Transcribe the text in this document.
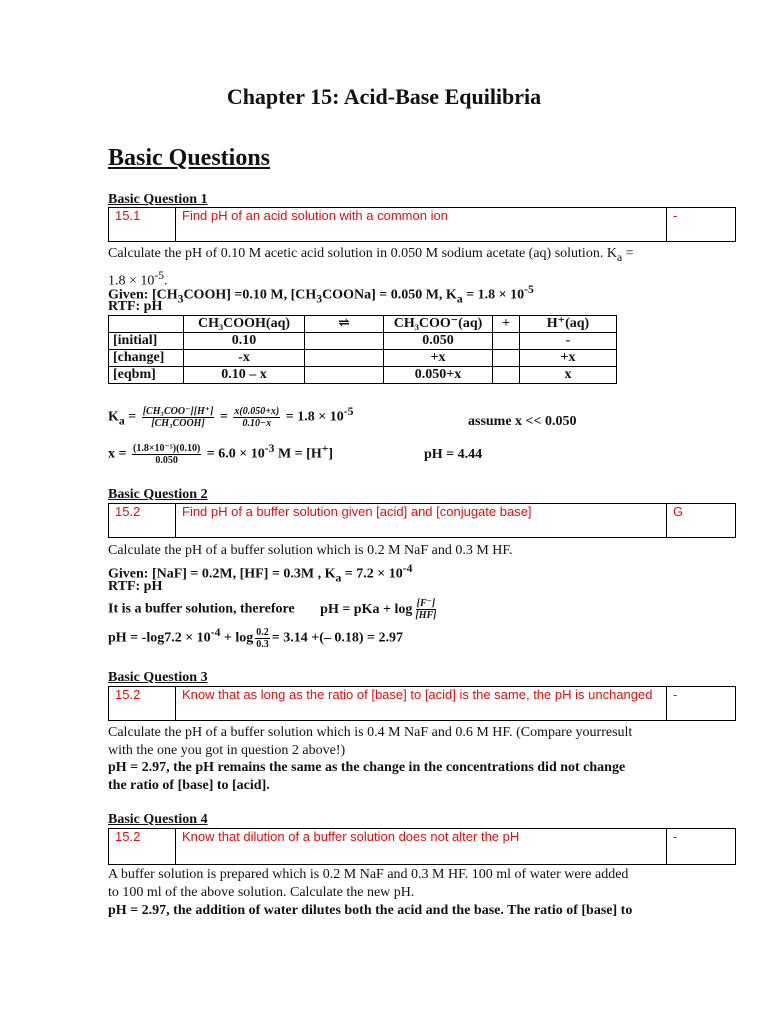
Chapter 15: Acid-Base Equilibria
Basic Questions
Basic Question 1
15.1	Find pH of an acid solution with a common ion	-
Calculate the pH of 0.10 M acetic acid solution in 0.050 M sodium acetate (aq) solution. $K_a$ =
$1.8 \times 10^{-5}$.
Given: $[CH_3COOH] =0.10$ M, $[CH_3COONa] = 0.050$ M, $K_a = 1.8 \times 10^{-5}$
RTF: pH
	CH₃COOH(aq)	⇌	CH₃COO⁻(aq)	+	H⁺(aq)
[initial]	0.10		0.050		-
[change]	-x		+x		+x
[eqbm]	0.10 – x		0.050+x		x
$K_a = \frac{\text{[CH₃COO⁻][H⁺]}}{\text{[CH₃COOH]}} = \frac{x(0.050+x)}{0.10-x} = 1.8 \times 10^{-5}$
assume x << 0.050
$x = \frac{\text{(1.8×10⁻⁵)(0.10)}}{0.050} = 6.0 \times 10^{-3}$ M = [H+]	pH = 4.44
Basic Question 2
15.2	Find pH of a buffer solution given [acid] and [conjugate base]	G
Calculate the pH of a buffer solution which is 0.2 M NaF and 0.3 M HF.
Given: [NaF] = 0.2M, [HF] = 0.3M , $K_a = 7.2 \times 10^{-4}$
RTF: pH
It is a buffer solution, therefore pH = pKa + $\log \frac{[F^-]}{[HF]}$
pH = $-\log 7.2 \times 10^{-4} + \log \frac{0.2}{0.3} = 3.14$ +(– 0.18) = 2.97
Basic Question 3
15.2	Know that as long as the ratio of [base] to [acid] is the same, the pH is unchanged	-
Calculate the pH of a buffer solution which is 0.4 M NaF and 0.6 M HF. (Compare yourresult
with the one you got in question 2 above!)
pH = 2.97, the pH remains the same as the change in the concentrations did not change
the ratio of [base] to [acid].
Basic Question 4
15.2	Know that dilution of a buffer solution does not alter the pH	-
A buffer solution is prepared which is 0.2 M NaF and 0.3 M HF. 100 ml of water were added
to 100 ml of the above solution. Calculate the new pH.
pH = 2.97, the addition of water dilutes both the acid and the base. The ratio of [base] to
